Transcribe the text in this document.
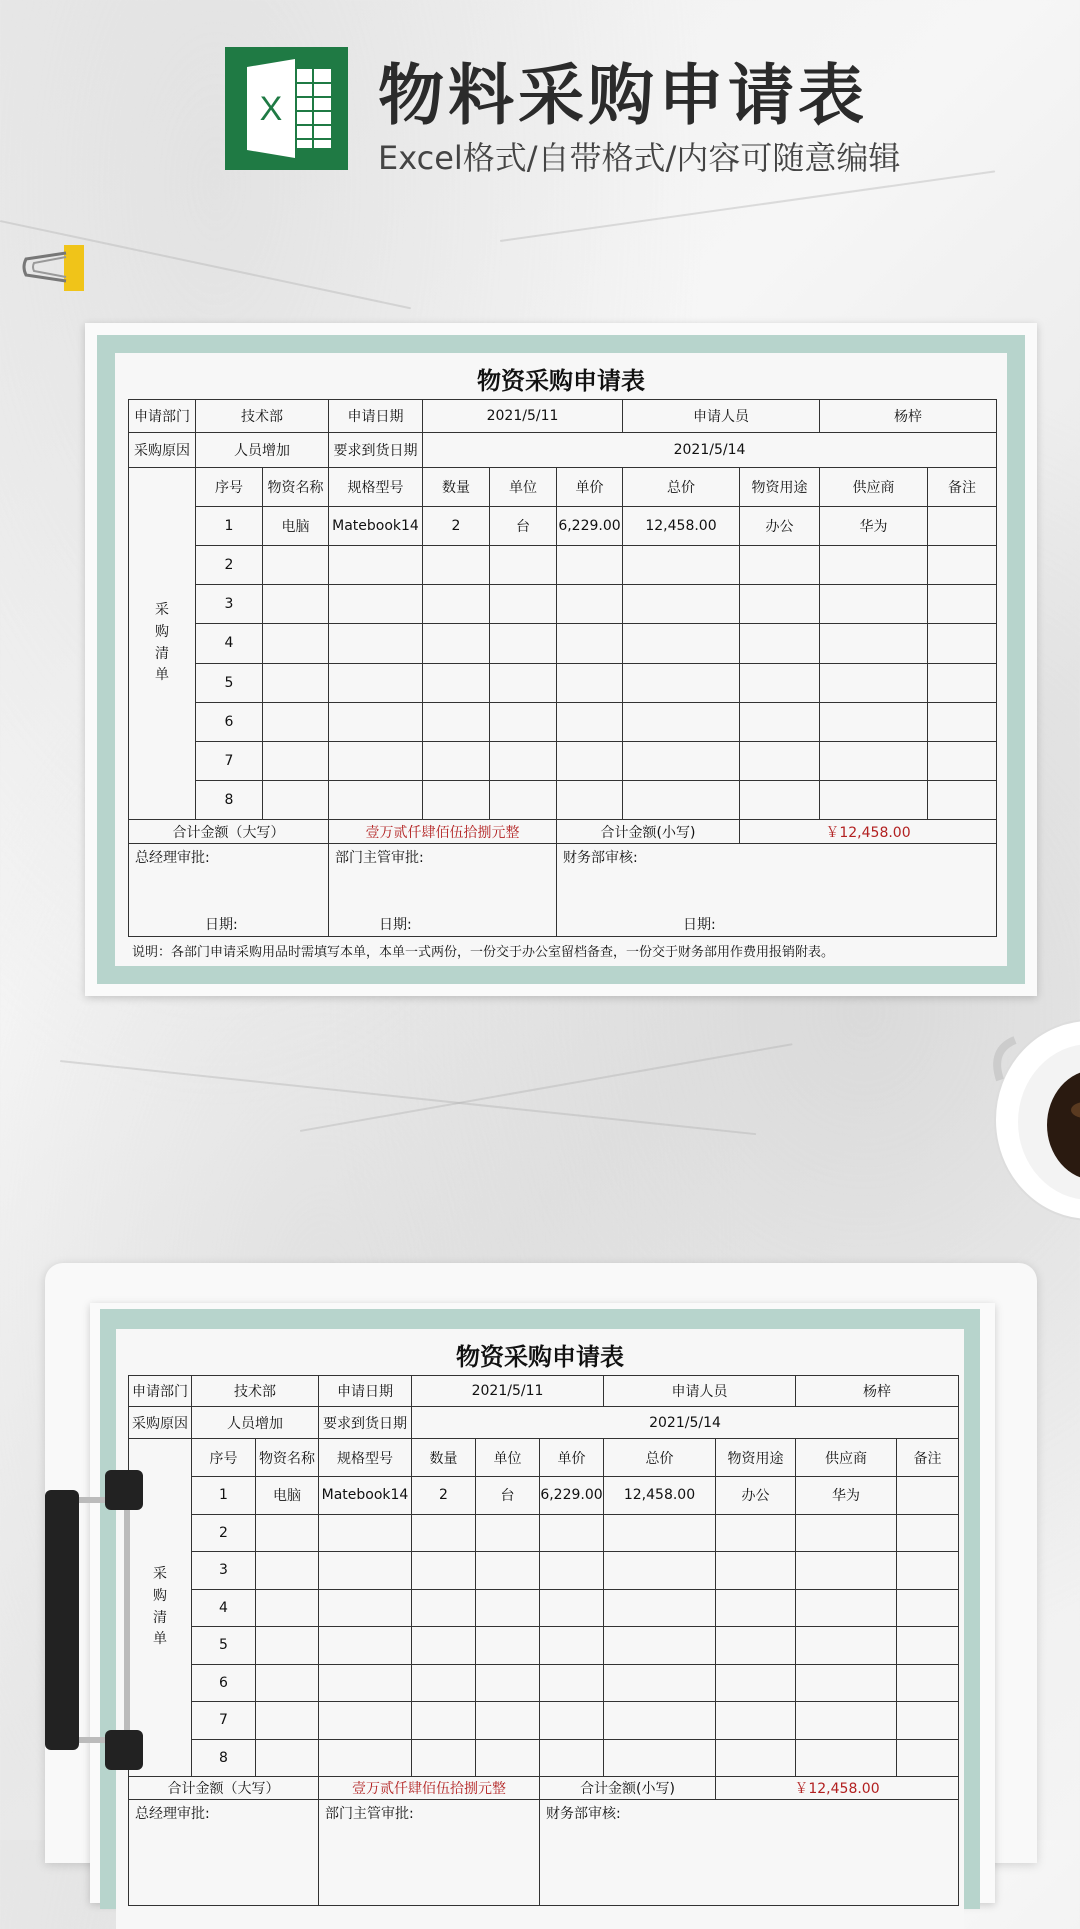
X 物料采购申请表
Excel格式/自带格式/内容可随意编辑
物资采购申请表
申请部门	技术部	申请日期	2021/5/11	申请人员	杨梓
采购原因	人员增加	要求到货日期	2021/5/14
采
购
清
单
序号	物资名称	规格型号	数量	单位	单价	总价	物资用途	供应商	备注
1	电脑	Matebook14	2	台	6,229.00	12,458.00	办公	华为
2
3
4
5
6
7
8
合计金额（大写）	壹万贰仟肆佰伍拾捌元整	合计金额(小写)	￥12,458.00
总经理审批:
日期:
部门主管审批:
日期:
财务部审核:
日期:
说明：各部门申请采购用品时需填写本单，本单一式两份，一份交于办公室留档备查，一份交于财务部用作费用报销附表。
物资采购申请表
申请部门	技术部	申请日期	2021/5/11	申请人员	杨梓
采购原因	人员增加	要求到货日期	2021/5/14
采
购
清
单
序号	物资名称	规格型号	数量	单位	单价	总价	物资用途	供应商	备注
1	电脑	Matebook14	2	台	6,229.00	12,458.00	办公	华为
2
3
4
5
6
7
8
合计金额（大写）	壹万贰仟肆佰伍拾捌元整	合计金额(小写)	￥12,458.00
总经理审批:	部门主管审批:	财务部审核:
